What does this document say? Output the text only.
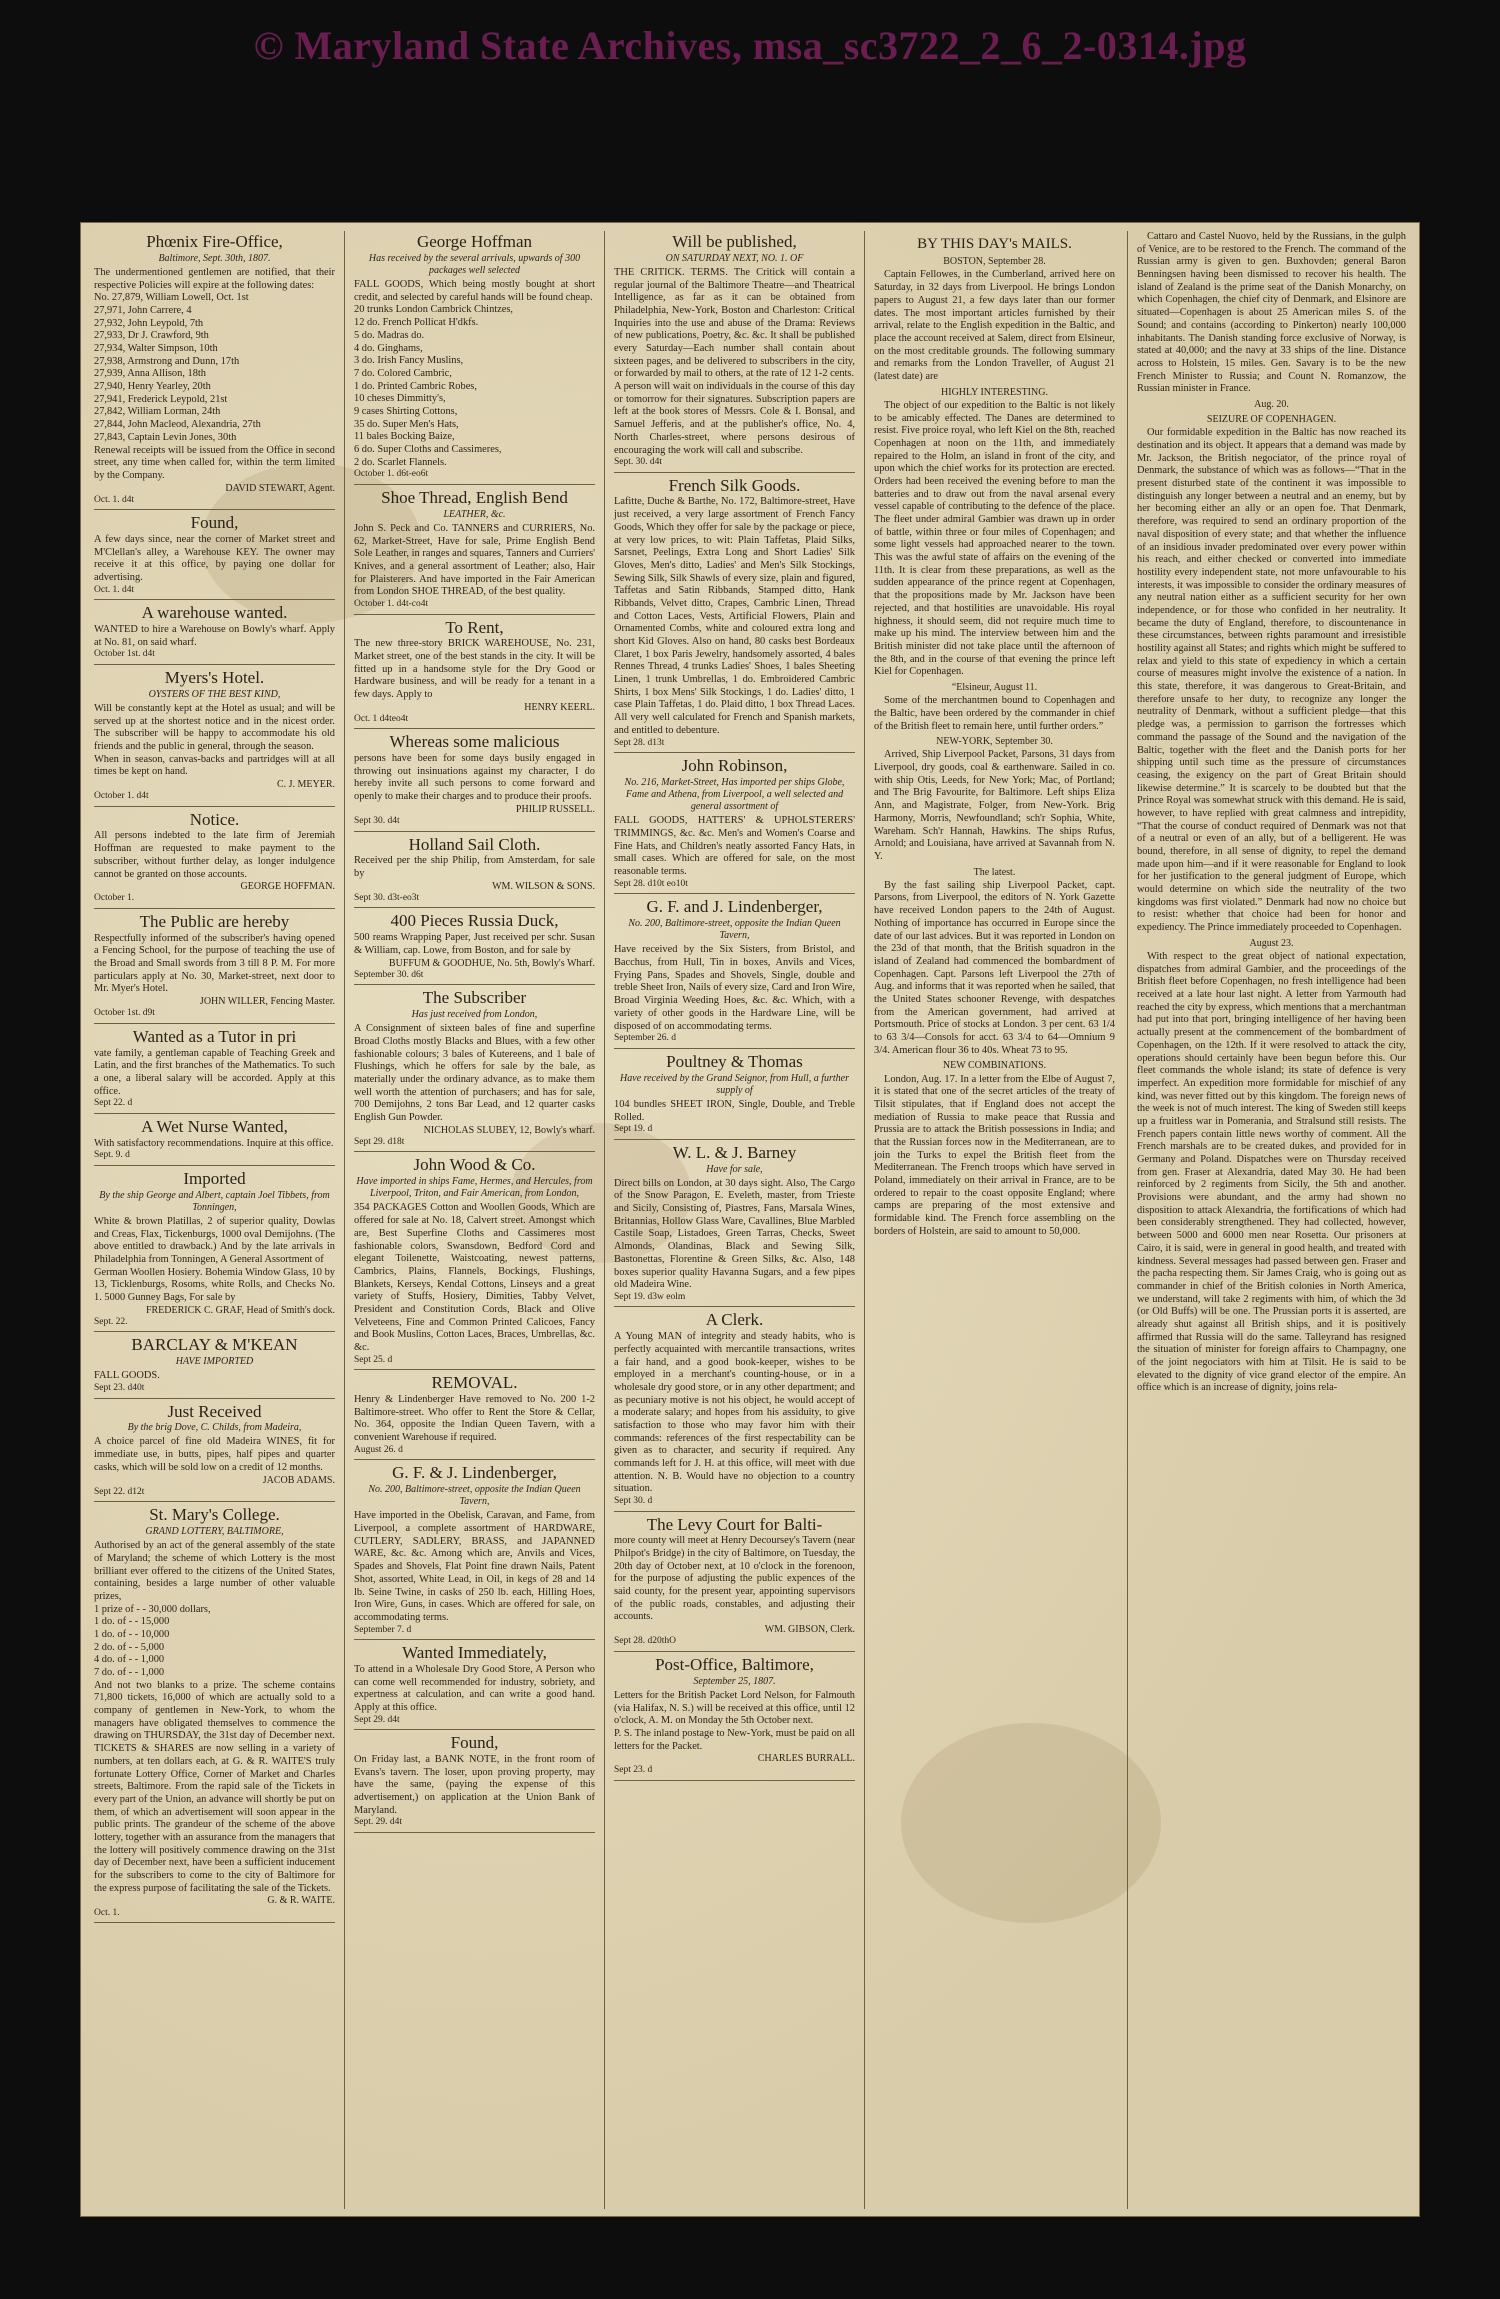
© Maryland State Archives, msa_sc3722_2_6_2-0314.jpg
Phœnix Fire-Office,
Baltimore, Sept. 30th, 1807.
The undermentioned gentlemen are notified, that their respective Policies will expire at the following dates:
No. 27,879, William Lowell, Oct. 1st
27,971, John Carrere, 4
27,932, John Leypold, 7th
27,933, Dr J. Crawford, 9th
27,934, Walter Simpson, 10th
27,938, Armstrong and Dunn, 17th
27,939, Anna Allison, 18th
27,940, Henry Yearley, 20th
27,941, Frederick Leypold, 21st
27,842, William Lorman, 24th
27,844, John Macleod, Alexandria, 27th
27,843, Captain Levin Jones, 30th
Renewal receipts will be issued from the Office in second street, any time when called for, within the term limited by the Company.
DAVID STEWART, Agent.
Oct. 1. d4t
Found,
A few days since, near the corner of Market street and M'Clellan's alley, a Warehouse KEY. The owner may receive it at this office, by paying one dollar for advertising.
Oct. 1. d4t
A warehouse wanted.
WANTED to hire a Warehouse on Bowly's wharf. Apply at No. 81, on said wharf.
October 1st. d4t
Myers's Hotel.
OYSTERS OF THE BEST KIND,
Will be constantly kept at the Hotel as usual; and will be served up at the shortest notice and in the nicest order. The subscriber will be happy to accommodate his old friends and the public in general, through the season.
When in season, canvas-backs and partridges will at all times be kept on hand.
C. J. MEYER.
October 1. d4t
Notice.
All persons indebted to the late firm of Jeremiah Hoffman are requested to make payment to the subscriber, without further delay, as longer indulgence cannot be granted on those accounts.
GEORGE HOFFMAN.
October 1.
The Public are hereby
Respectfully informed of the subscriber's having opened a Fencing School, for the purpose of teaching the use of the Broad and Small swords from 3 till 8 P. M. For more particulars apply at No. 30, Market-street, next door to Mr. Myer's Hotel.
JOHN WILLER, Fencing Master.
October 1st. d9t
Wanted as a Tutor in pri
vate family, a gentleman capable of Teaching Greek and Latin, and the first branches of the Mathematics. To such a one, a liberal salary will be accorded. Apply at this office.
Sept 22. d
A Wet Nurse Wanted,
With satisfactory recommendations. Inquire at this office.
Sept. 9. d
Imported
By the ship George and Albert, captain Joel Tibbets, from Tonningen,
White & brown Platillas, 2 of superior quality, Dowlas and Creas, Flax, Tickenburgs, 1000 oval Demijohns. (The above entitled to drawback.) And by the late arrivals in Philadelphia from Tonningen, A General Assortment of
German Woollen Hosiery. Bohemia Window Glass, 10 by 13, Ticklenburgs, Rosoms, white Rolls, and Checks No. 1. 5000 Gunney Bags, For sale by
FREDERICK C. GRAF, Head of Smith's dock.
Sept. 22.
BARCLAY & M'KEAN
HAVE IMPORTED
FALL GOODS.
Sept 23. d40t
Just Received
By the brig Dove, C. Childs, from Madeira,
A choice parcel of fine old Madeira WINES, fit for immediate use, in butts, pipes, half pipes and quarter casks, which will be sold low on a credit of 12 months.
JACOB ADAMS.
Sept 22. d12t
St. Mary's College.
GRAND LOTTERY, BALTIMORE,
Authorised by an act of the general assembly of the state of Maryland; the scheme of which Lottery is the most brilliant ever offered to the citizens of the United States, containing, besides a large number of other valuable prizes,
1 prize of - - 30,000 dollars,
1 do. of - - 15,000
1 do. of - - 10,000
2 do. of - - 5,000
4 do. of - - 1,000
7 do. of - - 1,000
And not two blanks to a prize. The scheme contains 71,800 tickets, 16,000 of which are actually sold to a company of gentlemen in New-York, to whom the managers have obligated themselves to commence the drawing on THURSDAY, the 31st day of December next. TICKETS & SHARES are now selling in a variety of numbers, at ten dollars each, at G. & R. WAITE'S truly fortunate Lottery Office, Corner of Market and Charles streets, Baltimore. From the rapid sale of the Tickets in every part of the Union, an advance will shortly be put on them, of which an advertisement will soon appear in the public prints. The grandeur of the scheme of the above lottery, together with an assurance from the managers that the lottery will positively commence drawing on the 31st day of December next, have been a sufficient inducement for the subscribers to come to the city of Baltimore for the express purpose of facilitating the sale of the Tickets.
G. & R. WAITE.
Oct. 1.
George Hoffman
Has received by the several arrivals, upwards of 300 packages well selected
FALL GOODS, Which being mostly bought at short credit, and selected by careful hands will be found cheap.
20 trunks London Cambrick Chintzes,
12 do. French Pollicat H'dkfs.
5 do. Madras do.
4 do. Ginghams,
3 do. Irish Fancy Muslins,
7 do. Colored Cambric,
1 do. Printed Cambric Robes,
10 cheses Dimmitty's,
9 cases Shirting Cottons,
35 do. Super Men's Hats,
11 bales Bocking Baize,
6 do. Super Cloths and Cassimeres,
2 do. Scarlet Flannels.
October 1. d6t-eo6t
Shoe Thread, English Bend
LEATHER, &c.
John S. Peck and Co. TANNERS and CURRIERS, No. 62, Market-Street, Have for sale, Prime English Bend Sole Leather, in ranges and squares, Tanners and Curriers' Knives, and a general assortment of Leather; also, Hair for Plaisterers. And have imported in the Fair American from London SHOE THREAD, of the best quality.
October 1. d4t-co4t
To Rent,
The new three-story BRICK WAREHOUSE, No. 231, Market street, one of the best stands in the city. It will be fitted up in a handsome style for the Dry Good or Hardware business, and will be ready for a tenant in a few days. Apply to
HENRY KEERL.
Oct. 1 d4teo4t
Whereas some malicious
persons have been for some days busily engaged in throwing out insinuations against my character, I do hereby invite all such persons to come forward and openly to make their charges and to produce their proofs.
PHILIP RUSSELL.
Sept 30. d4t
Holland Sail Cloth.
Received per the ship Philip, from Amsterdam, for sale by
WM. WILSON & SONS.
Sept 30. d3t-eo3t
400 Pieces Russia Duck,
500 reams Wrapping Paper, Just received per schr. Susan & William, cap. Lowe, from Boston, and for sale by
BUFFUM & GOODHUE, No. 5th, Bowly's Wharf.
September 30. d6t
The Subscriber
Has just received from London,
A Consignment of sixteen bales of fine and superfine Broad Cloths mostly Blacks and Blues, with a few other fashionable colours; 3 bales of Kutereens, and 1 bale of Flushings, which he offers for sale by the bale, as materially under the ordinary advance, as to make them well worth the attention of purchasers; and has for sale, 700 Demijohns, 2 tons Bar Lead, and 12 quarter casks English Gun Powder.
NICHOLAS SLUBEY, 12, Bowly's wharf.
Sept 29. d18t
John Wood & Co.
Have imported in ships Fame, Hermes, and Hercules, from Liverpool, Triton, and Fair American, from London,
354 PACKAGES Cotton and Woollen Goods, Which are offered for sale at No. 18, Calvert street. Amongst which are, Best Superfine Cloths and Cassimeres most fashionable colors, Swansdown, Bedford Cord and elegant Toilenette, Waistcoating, newest patterns, Cambrics, Plains, Flannels, Bockings, Flushings, Blankets, Kerseys, Kendal Cottons, Linseys and a great variety of Stuffs, Hosiery, Dimities, Tabby Velvet, President and Constitution Cords, Black and Olive Velveteens, Fine and Common Printed Calicoes, Fancy and Book Muslins, Cotton Laces, Braces, Umbrellas, &c. &c.
Sept 25. d
REMOVAL.
Henry & Lindenberger Have removed to No. 200 1-2 Baltimore-street. Who offer to Rent the Store & Cellar, No. 364, opposite the Indian Queen Tavern, with a convenient Warehouse if required.
August 26. d
G. F. & J. Lindenberger,
No. 200, Baltimore-street, opposite the Indian Queen Tavern,
Have imported in the Obelisk, Caravan, and Fame, from Liverpool, a complete assortment of HARDWARE, CUTLERY, SADLERY, BRASS, and JAPANNED WARE, &c. &c. Among which are, Anvils and Vices, Spades and Shovels, Flat Point fine drawn Nails, Patent Shot, assorted, White Lead, in Oil, in kegs of 28 and 14 lb. Seine Twine, in casks of 250 lb. each, Hilling Hoes, Iron Wire, Guns, in cases. Which are offered for sale, on accommodating terms.
September 7. d
Wanted Immediately,
To attend in a Wholesale Dry Good Store, A Person who can come well recommended for industry, sobriety, and expertness at calculation, and can write a good hand. Apply at this office.
Sept 29. d4t
Found,
On Friday last, a BANK NOTE, in the front room of Evans's tavern. The loser, upon proving property, may have the same, (paying the expense of this advertisement,) on application at the Union Bank of Maryland.
Sept. 29. d4t
Will be published,
ON SATURDAY NEXT, NO. 1. OF
THE CRITICK. TERMS. The Critick will contain a regular journal of the Baltimore Theatre—and Theatrical Intelligence, as far as it can be obtained from Philadelphia, New-York, Boston and Charleston: Critical Inquiries into the use and abuse of the Drama: Reviews of new publications, Poetry, &c. &c. It shall be published every Saturday—Each number shall contain about sixteen pages, and be delivered to subscribers in the city, or forwarded by mail to others, at the rate of 12 1-2 cents.
A person will wait on individuals in the course of this day or tomorrow for their signatures. Subscription papers are left at the book stores of Messrs. Cole & I. Bonsal, and Samuel Jefferis, and at the publisher's office, No. 4, North Charles-street, where persons desirous of encouraging the work will call and subscribe.
Sept. 30. d4t
French Silk Goods.
Lafitte, Duche & Barthe, No. 172, Baltimore-street, Have just received, a very large assortment of French Fancy Goods, Which they offer for sale by the package or piece, at very low prices, to wit: Plain Taffetas, Plaid Silks, Sarsnet, Peelings, Extra Long and Short Ladies' Silk Gloves, Men's ditto, Ladies' and Men's Silk Stockings, Sewing Silk, Silk Shawls of every size, plain and figured, Taffetas and Satin Ribbands, Stamped ditto, Hank Ribbands, Velvet ditto, Crapes, Cambric Linen, Thread and Cotton Laces, Vests, Artificial Flowers, Plain and Ornamented Combs, white and coloured extra long and short Kid Gloves. Also on hand, 80 casks best Bordeaux Claret, 1 box Paris Jewelry, handsomely assorted, 4 bales Rennes Thread, 4 trunks Ladies' Shoes, 1 bales Sheeting Linen, 1 trunk Umbrellas, 1 do. Embroidered Cambric Shirts, 1 box Mens' Silk Stockings, 1 do. Ladies' ditto, 1 case Plain Taffetas, 1 do. Plaid ditto, 1 box Thread Laces. All very well calculated for French and Spanish markets, and entitled to debenture.
Sept 28. d13t
John Robinson,
No. 216, Market-Street, Has imported per ships Globe, Fame and Athena, from Liverpool, a well selected and general assortment of
FALL GOODS, HATTERS' & UPHOLSTERERS' TRIMMINGS, &c. &c. Men's and Women's Coarse and Fine Hats, and Children's neatly assorted Fancy Hats, in small cases. Which are offered for sale, on the most reasonable terms.
Sept 28. d10t eo10t
G. F. and J. Lindenberger,
No. 200, Baltimore-street, opposite the Indian Queen Tavern,
Have received by the Six Sisters, from Bristol, and Bacchus, from Hull, Tin in boxes, Anvils and Vices, Frying Pans, Spades and Shovels, Single, double and treble Sheet Iron, Nails of every size, Card and Iron Wire, Broad Virginia Weeding Hoes, &c. &c. Which, with a variety of other goods in the Hardware Line, will be disposed of on accommodating terms.
September 26. d
Poultney & Thomas
Have received by the Grand Seignor, from Hull, a further supply of
104 bundles SHEET IRON, Single, Double, and Treble Rolled.
Sept 19. d
W. L. & J. Barney
Have for sale,
Direct bills on London, at 30 days sight. Also, The Cargo of the Snow Paragon, E. Eveleth, master, from Trieste and Sicily, Consisting of, Piastres, Fans, Marsala Wines, Britannias, Hollow Glass Ware, Cavallines, Blue Marbled Castile Soap, Listadoes, Green Tarras, Checks, Sweet Almonds, Olandinas, Black and Sewing Silk, Bastonettas, Florentine & Green Silks, &c. Also, 148 boxes superior quality Havanna Sugars, and a few pipes old Madeira Wine.
Sept 19. d3w eolm
A Clerk.
A Young MAN of integrity and steady habits, who is perfectly acquainted with mercantile transactions, writes a fair hand, and a good book-keeper, wishes to be employed in a merchant's counting-house, or in a wholesale dry good store, or in any other department; and as pecuniary motive is not his object, he would accept of a moderate salary; and hopes from his assiduity, to give satisfaction to those who may favor him with their commands: references of the first respectability can be given as to character, and security if required. Any commands left for J. H. at this office, will meet with due attention. N. B. Would have no objection to a country situation.
Sept 30. d
The Levy Court for Balti-
more county will meet at Henry Decoursey's Tavern (near Philpot's Bridge) in the city of Baltimore, on Tuesday, the 20th day of October next, at 10 o'clock in the forenoon, for the purpose of adjusting the public expences of the said county, for the present year, appointing supervisors of the public roads, constables, and adjusting their accounts.
WM. GIBSON, Clerk.
Sept 28. d20thO
Post-Office, Baltimore,
September 25, 1807.
Letters for the British Packet Lord Nelson, for Falmouth (via Halifax, N. S.) will be received at this office, until 12 o'clock, A. M. on Monday the 5th October next.
P. S. The inland postage to New-York, must be paid on all letters for the Packet.
CHARLES BURRALL.
Sept 23. d
BY THIS DAY's MAILS.
BOSTON, September 28.

Captain Fellowes, in the Cumberland, arrived here on Saturday, in 32 days from Liverpool. He brings London papers to August 21, a few days later than our former dates. The most important articles furnished by their arrival, relate to the English expedition in the Baltic, and place the account received at Salem, direct from Elsineur, on the most creditable grounds. The following summary and remarks from the London Traveller, of August 21 (latest date) are

HIGHLY INTERESTING.

The object of our expedition to the Baltic is not likely to be amicably effected. The Danes are determined to resist. Five proice royal, who left Kiel on the 8th, reached Copenhagen at noon on the 11th, and immediately repaired to the Holm, an island in front of the city, and upon which the chief works for its protection are erected. Orders had been received the evening before to man the batteries and to draw out from the naval arsenal every vessel capable of contributing to the defence of the place. The fleet under admiral Gambier was drawn up in order of battle, within three or four miles of Copenhagen; and some light vessels had approached nearer to the town. This was the awful state of affairs on the evening of the 11th. It is clear from these preparations, as well as the sudden appearance of the prince regent at Copenhagen, that the propositions made by Mr. Jackson have been rejected, and that hostilities are unavoidable. His royal highness, it should seem, did not require much time to make up his mind. The interview between him and the British minister did not take place until the afternoon of the 8th, and in the course of that evening the prince left Kiel for Copenhagen.

“Elsineur, August 11.

Some of the merchantmen bound to Copenhagen and the Baltic, have been ordered by the commander in chief of the British fleet to remain here, until further orders.”

NEW-YORK, September 30.

Arrived, Ship Liverpool Packet, Parsons, 31 days from Liverpool, dry goods, coal & earthenware. Sailed in co. with ship Otis, Leeds, for New York; Mac, of Portland; and The Brig Favourite, for Baltimore. Left ships Eliza Ann, and Magistrate, Folger, from New-York. Brig Harmony, Morris, Newfoundland; sch'r Sophia, White, Wareham. Sch'r Hannah, Hawkins. The ships Rufus, Arnold; and Louisiana, have arrived at Savannah from N. Y.

The latest.

By the fast sailing ship Liverpool Packet, capt. Parsons, from Liverpool, the editors of N. York Gazette have received London papers to the 24th of August. Nothing of importance has occurred in Europe since the date of our last advices. But it was reported in London on the 23d of that month, that the British squadron in the island of Zealand had commenced the bombardment of Copenhagen. Capt. Parsons left Liverpool the 27th of Aug. and informs that it was reported when he sailed, that the United States schooner Revenge, with despatches from the American government, had arrived at Portsmouth. Price of stocks at London. 3 per cent. 63 1/4 to 63 3/4—Consols for acct. 63 3/4 to 64—Omnium 9 3/4. American flour 36 to 40s. Wheat 73 to 95.

NEW COMBINATIONS.

London, Aug. 17. In a letter from the Elbe of August 7, it is stated that one of the secret articles of the treaty of Tilsit stipulates, that if England does not accept the mediation of Russia to make peace that Russia and Prussia are to attack the British possessions in India; and that the Russian forces now in the Mediterranean, are to join the Turks to expel the British fleet from the Mediterranean. The French troops which have served in Poland, immediately on their arrival in France, are to be ordered to repair to the coast opposite England; where camps are preparing of the most extensive and formidable kind. The French force assembling on the borders of Holstein, are said to amount to 50,000.

Cattaro and Castel Nuovo, held by the Russians, in the gulph of Venice, are to be restored to the French. The command of the Russian army is given to gen. Buxhovden; general Baron Benningsen having been dismissed to recover his health. The island of Zealand is the prime seat of the Danish Monarchy, on which Copenhagen, the chief city of Denmark, and Elsinore are situated—Copenhagen is about 25 American miles S. of the Sound; and contains (according to Pinkerton) nearly 100,000 inhabitants. The Danish standing force exclusive of Norway, is stated at 40,000; and the navy at 33 ships of the line. Distance across to Holstein, 15 miles. Gen. Savary is to be the new French Minister to Russia; and Count N. Romanzow, the Russian minister in France.

Aug. 20.
SEIZURE OF COPENHAGEN.

Our formidable expedition in the Baltic has now reached its destination and its object. It appears that a demand was made by Mr. Jackson, the British negociator, of the prince royal of Denmark, the substance of which was as follows—“That in the present disturbed state of the continent it was impossible to distinguish any longer between a neutral and an enemy, but by her becoming either an ally or an open foe. That Denmark, therefore, was required to send an ordinary proportion of the naval disposition of every state; and that whether the influence of an insidious invader predominated over every power within his reach, and either checked or converted into immediate hostility every independent state, not more unfavourable to his interests, it was impossible to consider the ordinary measures of any neutral nation either as a sufficient security for her own independence, or for those who confided in her neutrality. It became the duty of England, therefore, to discountenance in these circumstances, between rights paramount and irresistible hostility against all States; and rights which might be suffered to relax and yield to this state of expediency in which a certain course of measures might involve the existence of a nation. In this state, therefore, it was dangerous to Great-Britain, and therefore unsafe to her duty, to recognize any longer the neutrality of Denmark, without a sufficient pledge—that this pledge was, a permission to garrison the fortresses which command the passage of the Sound and the navigation of the Baltic, together with the fleet and the Danish ports for her shipping until such time as the pressure of circumstances ceasing, the exigency on the part of Great Britain should likewise determine.” It is scarcely to be doubted but that the Prince Royal was somewhat struck with this demand. He is said, however, to have replied with great calmness and intrepidity, “That the course of conduct required of Denmark was not that of a neutral or even of an ally, but of a belligerent. He was bound, therefore, in all sense of dignity, to repel the demand made upon him—and if it were reasonable for England to look for her justification to the general judgment of Europe, which would determine on which side the neutrality of the two kingdoms was first violated.” Denmark had now no choice but to resist: whether that choice had been for honor and expediency. The Prince immediately proceeded to Copenhagen.

August 23.

With respect to the great object of national expectation, dispatches from admiral Gambier, and the proceedings of the British fleet before Copenhagen, no fresh intelligence had been received at a late hour last night. A letter from Yarmouth had reached the city by express, which mentions that a merchantman had put into that port, bringing intelligence of her having been actually present at the commencement of the bombardment of Copenhagen, on the 12th. If it were resolved to attack the city, operations should certainly have been begun before this. Our fleet commands the whole island; its state of defence is very imperfect. An expedition more formidable for mischief of any kind, was never fitted out by this kingdom. The foreign news of the week is not of much interest. The king of Sweden still keeps up a fruitless war in Pomerania, and Stralsund still resists. The French papers contain little news worthy of comment. All the French marshals are to be created dukes, and provided for in Germany and Poland. Dispatches were on Thursday received from gen. Fraser at Alexandria, dated May 30. He had been reinforced by 2 regiments from Sicily, the 5th and another. Provisions were abundant, and the army had shown no disposition to attack Alexandria, the fortifications of which had been considerably strengthened. They had collected, however, between 5000 and 6000 men near Rosetta. Our prisoners at Cairo, it is said, were in general in good health, and treated with kindness. Several messages had passed between gen. Fraser and the pacha respecting them. Sir James Craig, who is going out as commander in chief of the British colonies in North America, we understand, will take 2 regiments with him, of which the 3d (or Old Buffs) will be one. The Prussian ports it is asserted, are already shut against all British ships, and it is positively affirmed that Russia will do the same. Talleyrand has resigned the situation of minister for foreign affairs to Champagny, one of the joint negociators with him at Tilsit. He is said to be elevated to the dignity of vice grand elector of the empire. An office which is an increase of dignity, joins rela-
